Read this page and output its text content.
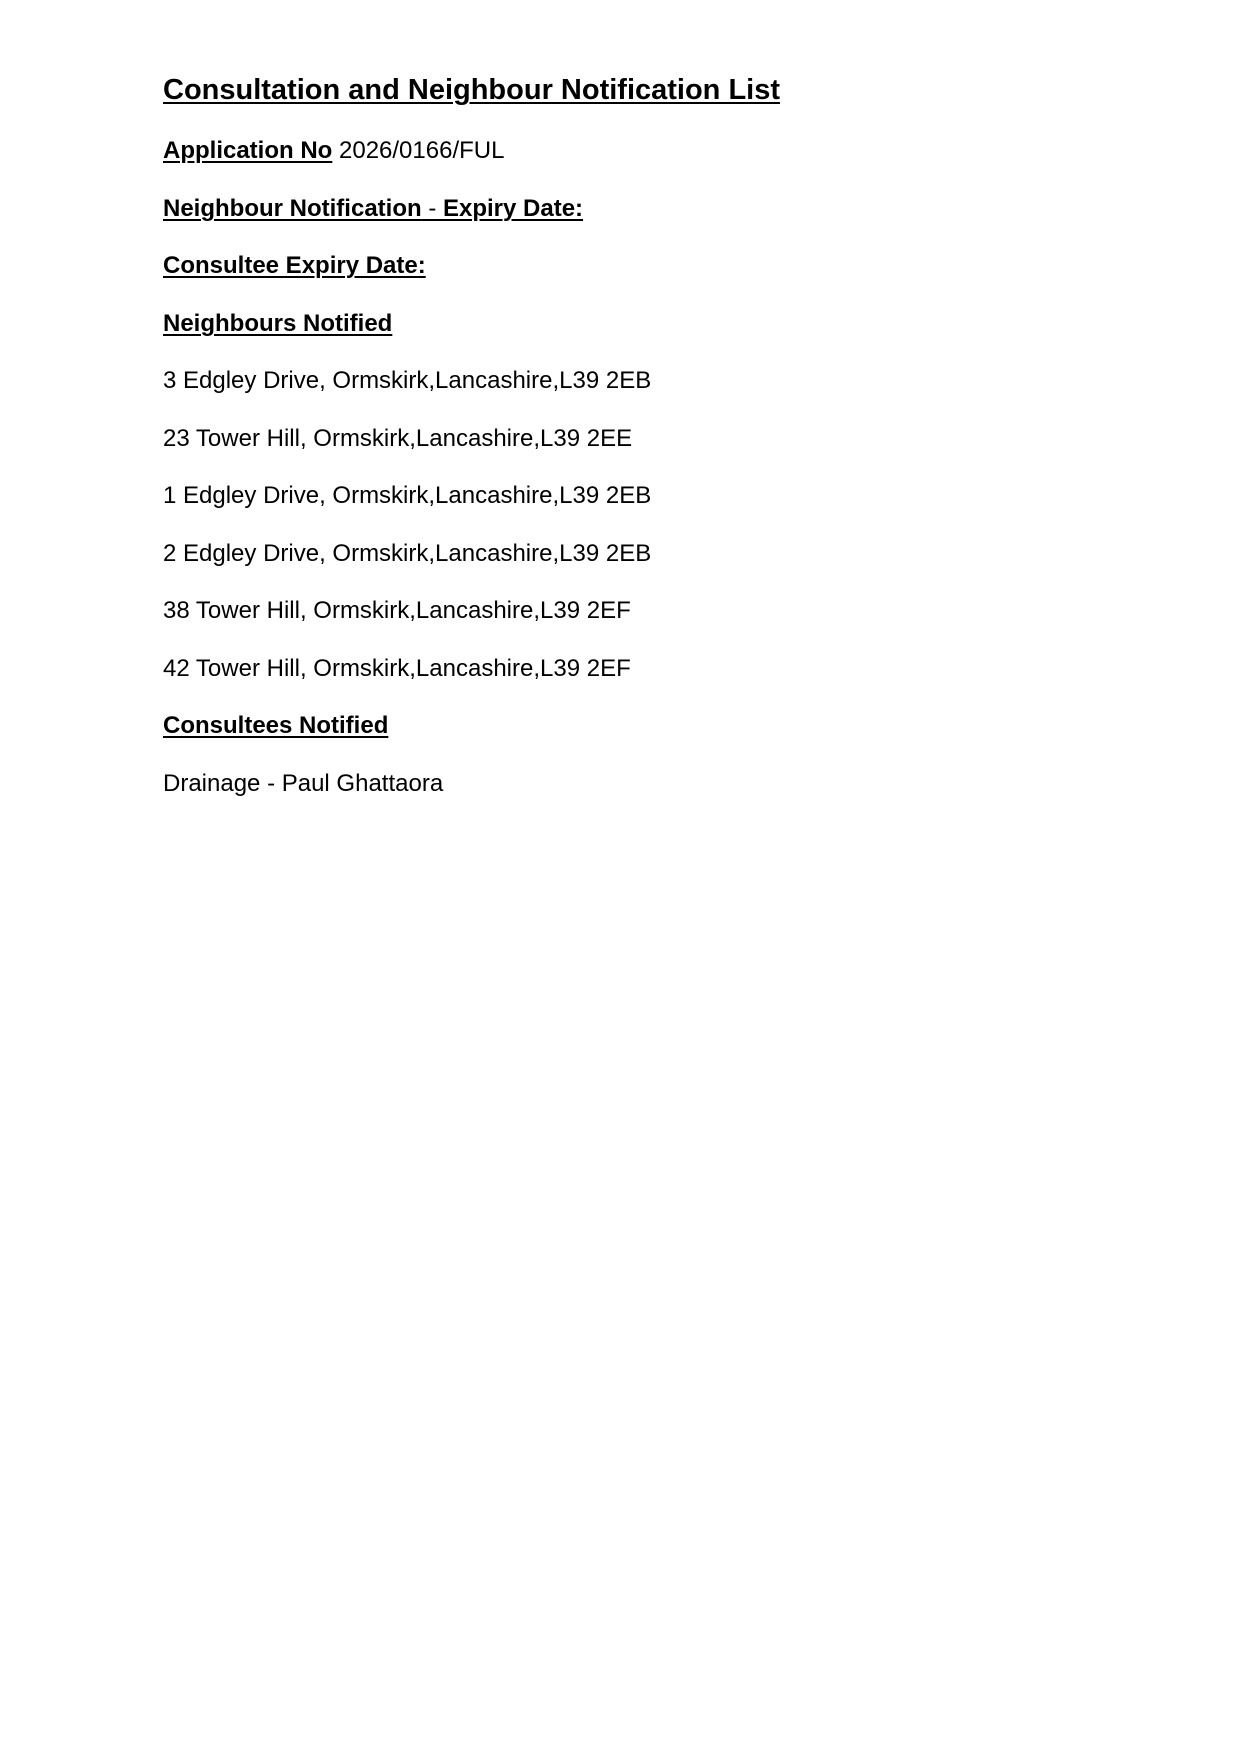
Consultation and Neighbour Notification List
Application No 2026/0166/FUL
Neighbour Notification - Expiry Date:
Consultee Expiry Date:
Neighbours Notified
3 Edgley Drive, Ormskirk,Lancashire,L39 2EB
23 Tower Hill, Ormskirk,Lancashire,L39 2EE
1 Edgley Drive, Ormskirk,Lancashire,L39 2EB
2 Edgley Drive, Ormskirk,Lancashire,L39 2EB
38 Tower Hill, Ormskirk,Lancashire,L39 2EF
42 Tower Hill, Ormskirk,Lancashire,L39 2EF
Consultees Notified
Drainage - Paul Ghattaora
